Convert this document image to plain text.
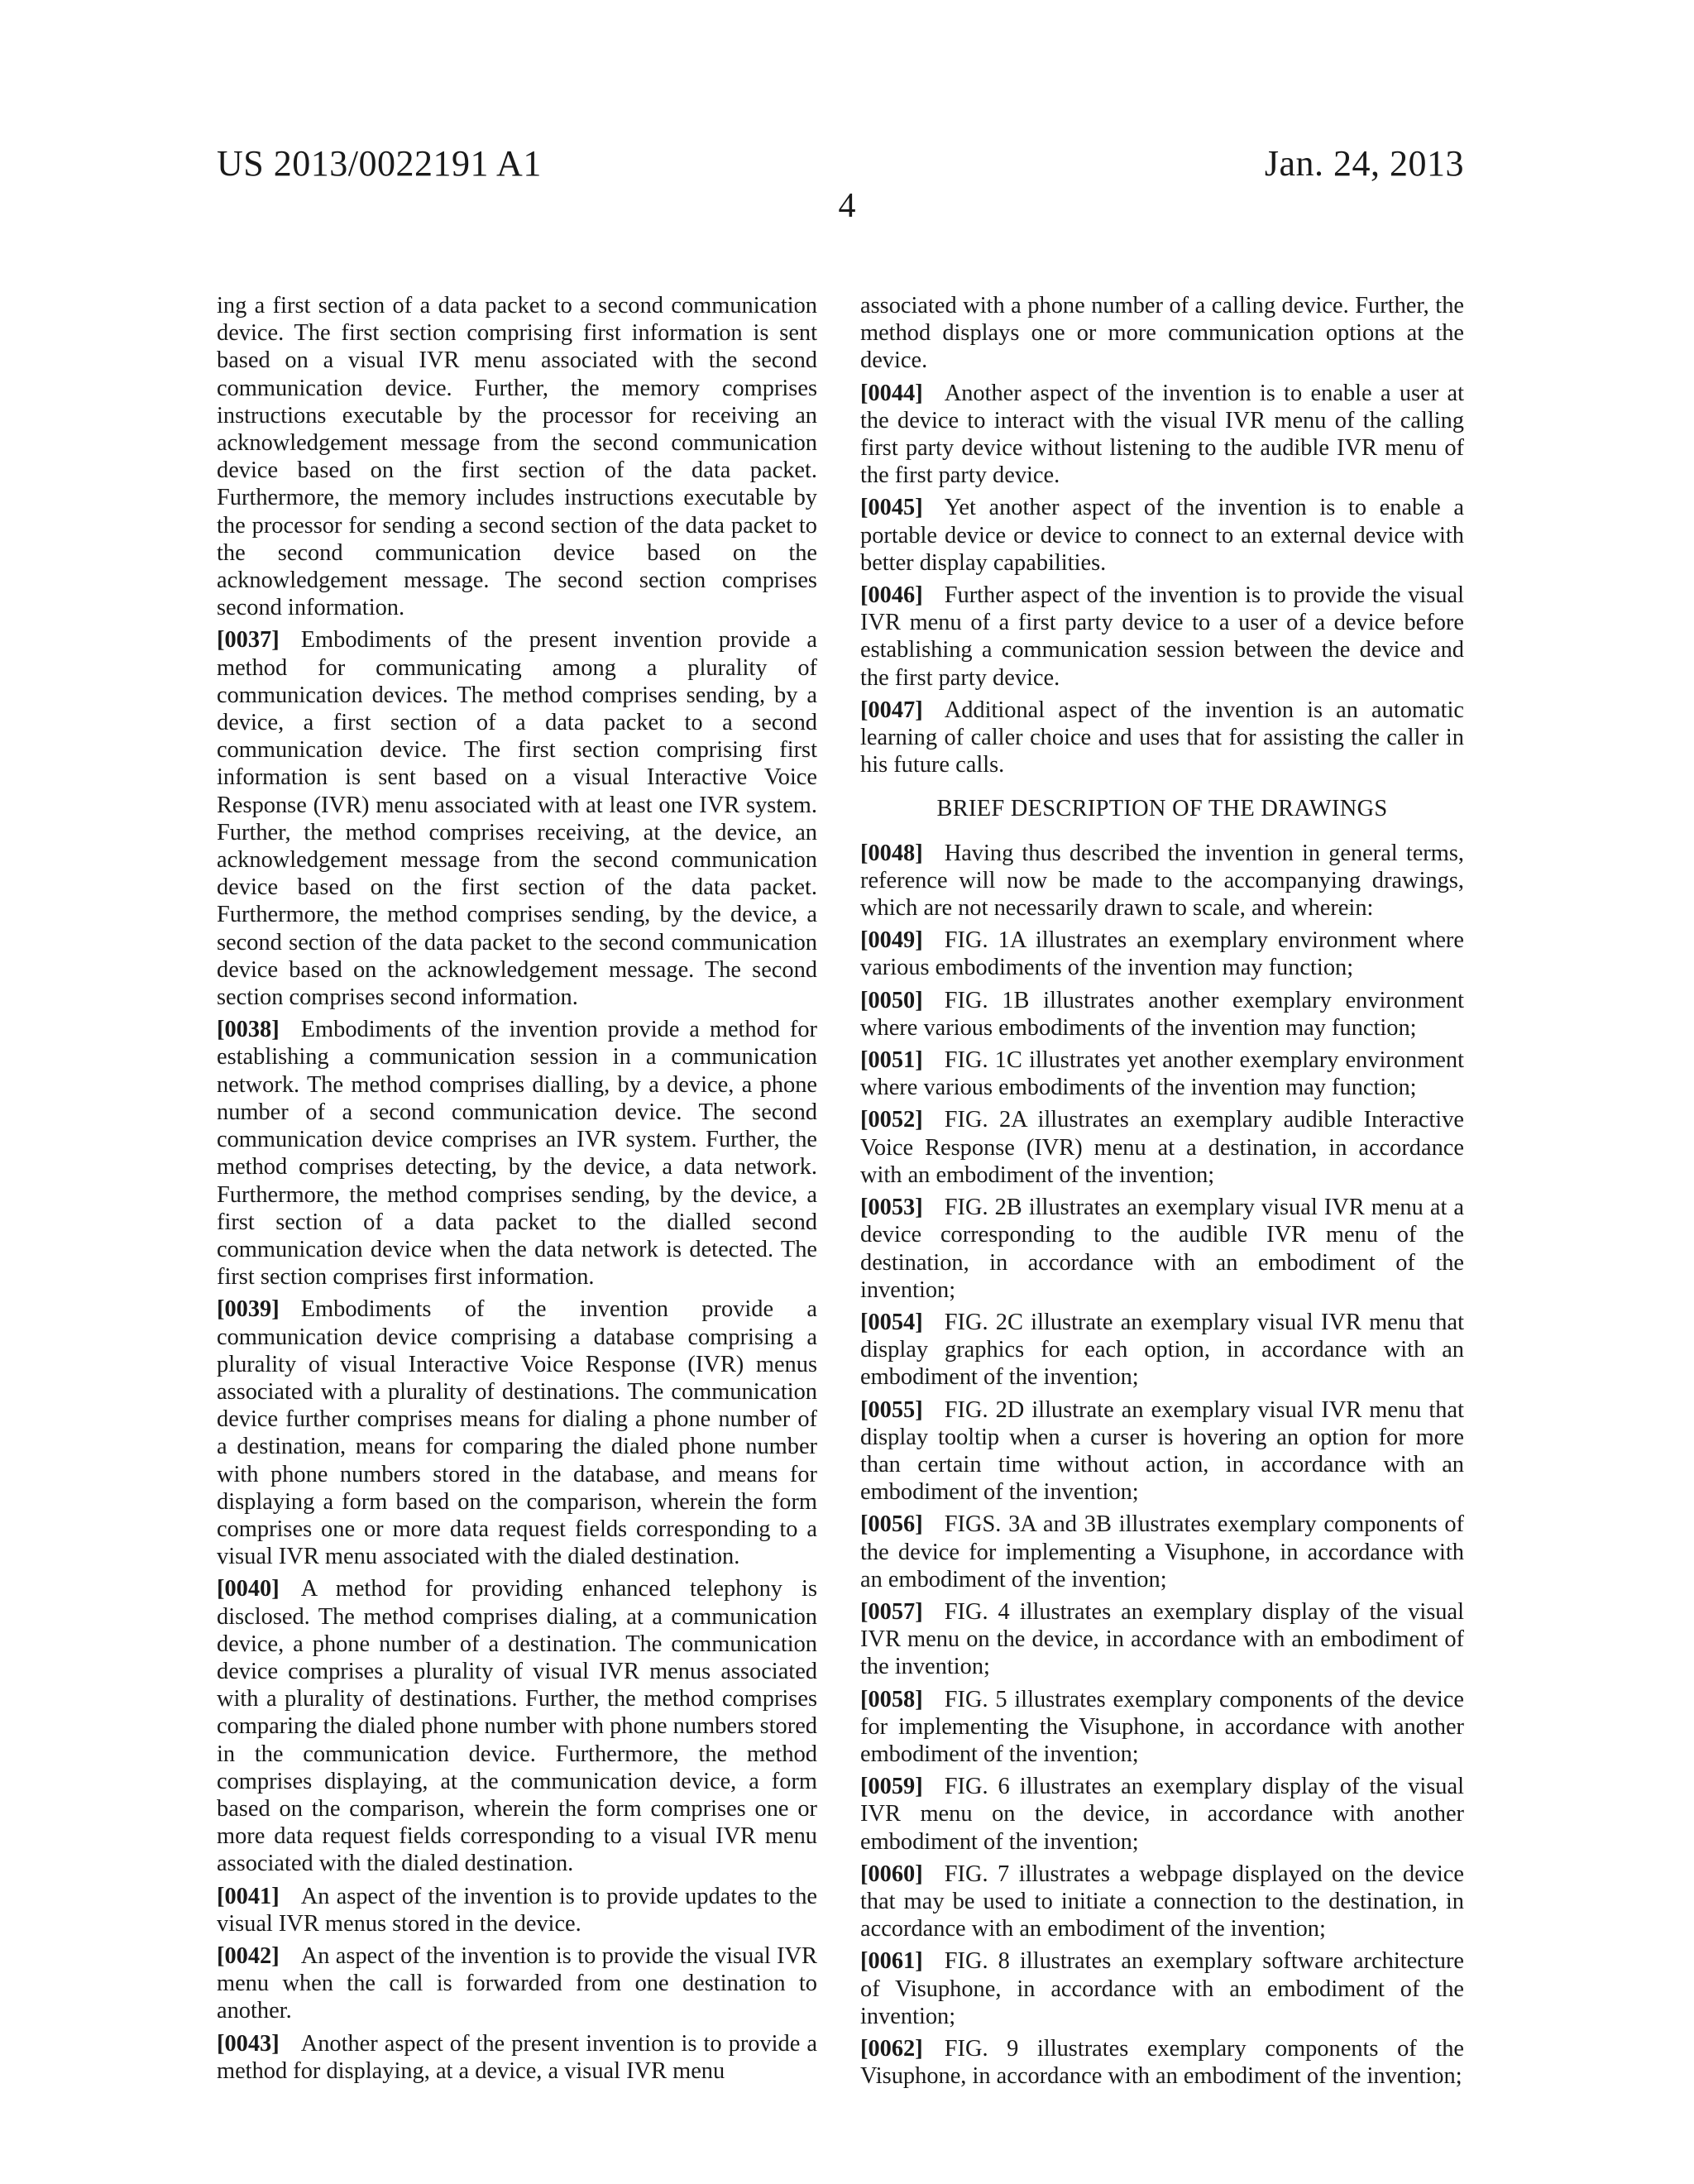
US 2013/0022191 A1	Jan. 24, 2013
4

ing a first section of a data packet to a second communication device. The first section comprising first information is sent based on a visual IVR menu associated with the second communication device. Further, the memory comprises instructions executable by the processor for receiving an acknowledgement message from the second communication device based on the first section of the data packet. Furthermore, the memory includes instructions executable by the processor for sending a second section of the data packet to the second communication device based on the acknowledgement message. The second section comprises second information.

[0037] Embodiments of the present invention provide a method for communicating among a plurality of communication devices. The method comprises sending, by a device, a first section of a data packet to a second communication device. The first section comprising first information is sent based on a visual Interactive Voice Response (IVR) menu associated with at least one IVR system. Further, the method comprises receiving, at the device, an acknowledgement message from the second communication device based on the first section of the data packet. Furthermore, the method comprises sending, by the device, a second section of the data packet to the second communication device based on the acknowledgement message. The second section comprises second information.

[0038] Embodiments of the invention provide a method for establishing a communication session in a communication network. The method comprises dialling, by a device, a phone number of a second communication device. The second communication device comprises an IVR system. Further, the method comprises detecting, by the device, a data network. Furthermore, the method comprises sending, by the device, a first section of a data packet to the dialled second communication device when the data network is detected. The first section comprises first information.

[0039] Embodiments of the invention provide a communication device comprising a database comprising a plurality of visual Interactive Voice Response (IVR) menus associated with a plurality of destinations. The communication device further comprises means for dialing a phone number of a destination, means for comparing the dialed phone number with phone numbers stored in the database, and means for displaying a form based on the comparison, wherein the form comprises one or more data request fields corresponding to a visual IVR menu associated with the dialed destination.

[0040] A method for providing enhanced telephony is disclosed. The method comprises dialing, at a communication device, a phone number of a destination. The communication device comprises a plurality of visual IVR menus associated with a plurality of destinations. Further, the method comprises comparing the dialed phone number with phone numbers stored in the communication device. Furthermore, the method comprises displaying, at the communication device, a form based on the comparison, wherein the form comprises one or more data request fields corresponding to a visual IVR menu associated with the dialed destination.

[0041] An aspect of the invention is to provide updates to the visual IVR menus stored in the device.

[0042] An aspect of the invention is to provide the visual IVR menu when the call is forwarded from one destination to another.

[0043] Another aspect of the present invention is to provide a method for displaying, at a device, a visual IVR menu

associated with a phone number of a calling device. Further, the method displays one or more communication options at the device.

[0044] Another aspect of the invention is to enable a user at the device to interact with the visual IVR menu of the calling first party device without listening to the audible IVR menu of the first party device.

[0045] Yet another aspect of the invention is to enable a portable device or device to connect to an external device with better display capabilities.

[0046] Further aspect of the invention is to provide the visual IVR menu of a first party device to a user of a device before establishing a communication session between the device and the first party device.

[0047] Additional aspect of the invention is an automatic learning of caller choice and uses that for assisting the caller in his future calls.

BRIEF DESCRIPTION OF THE DRAWINGS

[0048] Having thus described the invention in general terms, reference will now be made to the accompanying drawings, which are not necessarily drawn to scale, and wherein:

[0049] FIG. 1A illustrates an exemplary environment where various embodiments of the invention may function;

[0050] FIG. 1B illustrates another exemplary environment where various embodiments of the invention may function;

[0051] FIG. 1C illustrates yet another exemplary environment where various embodiments of the invention may function;

[0052] FIG. 2A illustrates an exemplary audible Interactive Voice Response (IVR) menu at a destination, in accordance with an embodiment of the invention;

[0053] FIG. 2B illustrates an exemplary visual IVR menu at a device corresponding to the audible IVR menu of the destination, in accordance with an embodiment of the invention;

[0054] FIG. 2C illustrate an exemplary visual IVR menu that display graphics for each option, in accordance with an embodiment of the invention;

[0055] FIG. 2D illustrate an exemplary visual IVR menu that display tooltip when a curser is hovering an option for more than certain time without action, in accordance with an embodiment of the invention;

[0056] FIGS. 3A and 3B illustrates exemplary components of the device for implementing a Visuphone, in accordance with an embodiment of the invention;

[0057] FIG. 4 illustrates an exemplary display of the visual IVR menu on the device, in accordance with an embodiment of the invention;

[0058] FIG. 5 illustrates exemplary components of the device for implementing the Visuphone, in accordance with another embodiment of the invention;

[0059] FIG. 6 illustrates an exemplary display of the visual IVR menu on the device, in accordance with another embodiment of the invention;

[0060] FIG. 7 illustrates a webpage displayed on the device that may be used to initiate a connection to the destination, in accordance with an embodiment of the invention;

[0061] FIG. 8 illustrates an exemplary software architecture of Visuphone, in accordance with an embodiment of the invention;

[0062] FIG. 9 illustrates exemplary components of the Visuphone, in accordance with an embodiment of the invention;
